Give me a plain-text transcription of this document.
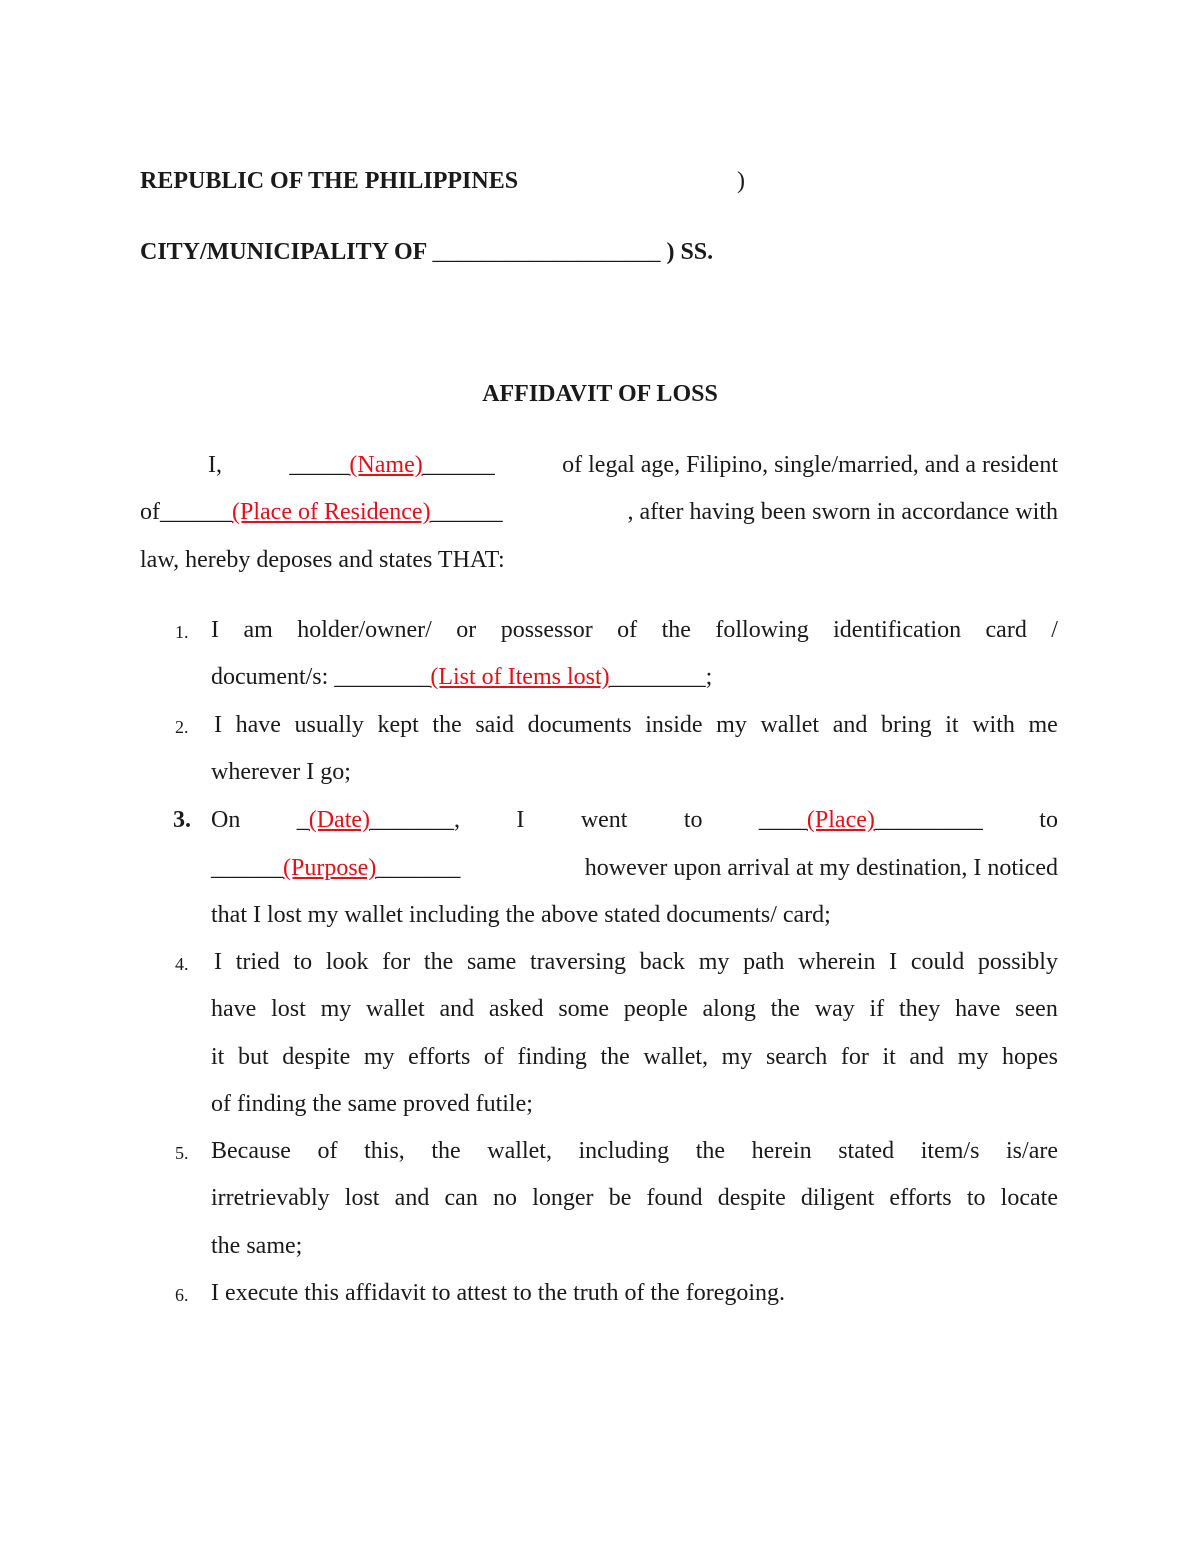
REPUBLIC OF THE PHILIPPINES	)
CITY/MUNICIPALITY OF ___________________ ) SS.
AFFIDAVIT OF LOSS
I,	_____(Name)______	of legal age, Filipino, single/married, and a resident
of______(Place of Residence)______	, after having been sworn in accordance with
law, hereby deposes and states THAT:
1. I am holder/owner/ or possessor of the following identification card /
document/s:
________ (List of Items lost) ________ ;
2. I have usually kept the said documents inside my wallet and bring it with me
wherever I go;
3. On _(Date)_______, I went to ____(Place)_________ to
______(Purpose)_______	however upon arrival at my destination, I noticed
that I lost my wallet including the above stated documents/ card;
4. I tried to look for the same traversing back my path wherein I could possibly
have lost my wallet and asked some people along the way if they have seen
it but despite my efforts of finding the wallet, my search for it and my hopes
of finding the same proved futile;
5. Because of this, the wallet, including the herein stated item/s is/are
irretrievably lost and can no longer be found despite diligent efforts to locate
the same;
6. I execute this affidavit to attest to the truth of the foregoing.
